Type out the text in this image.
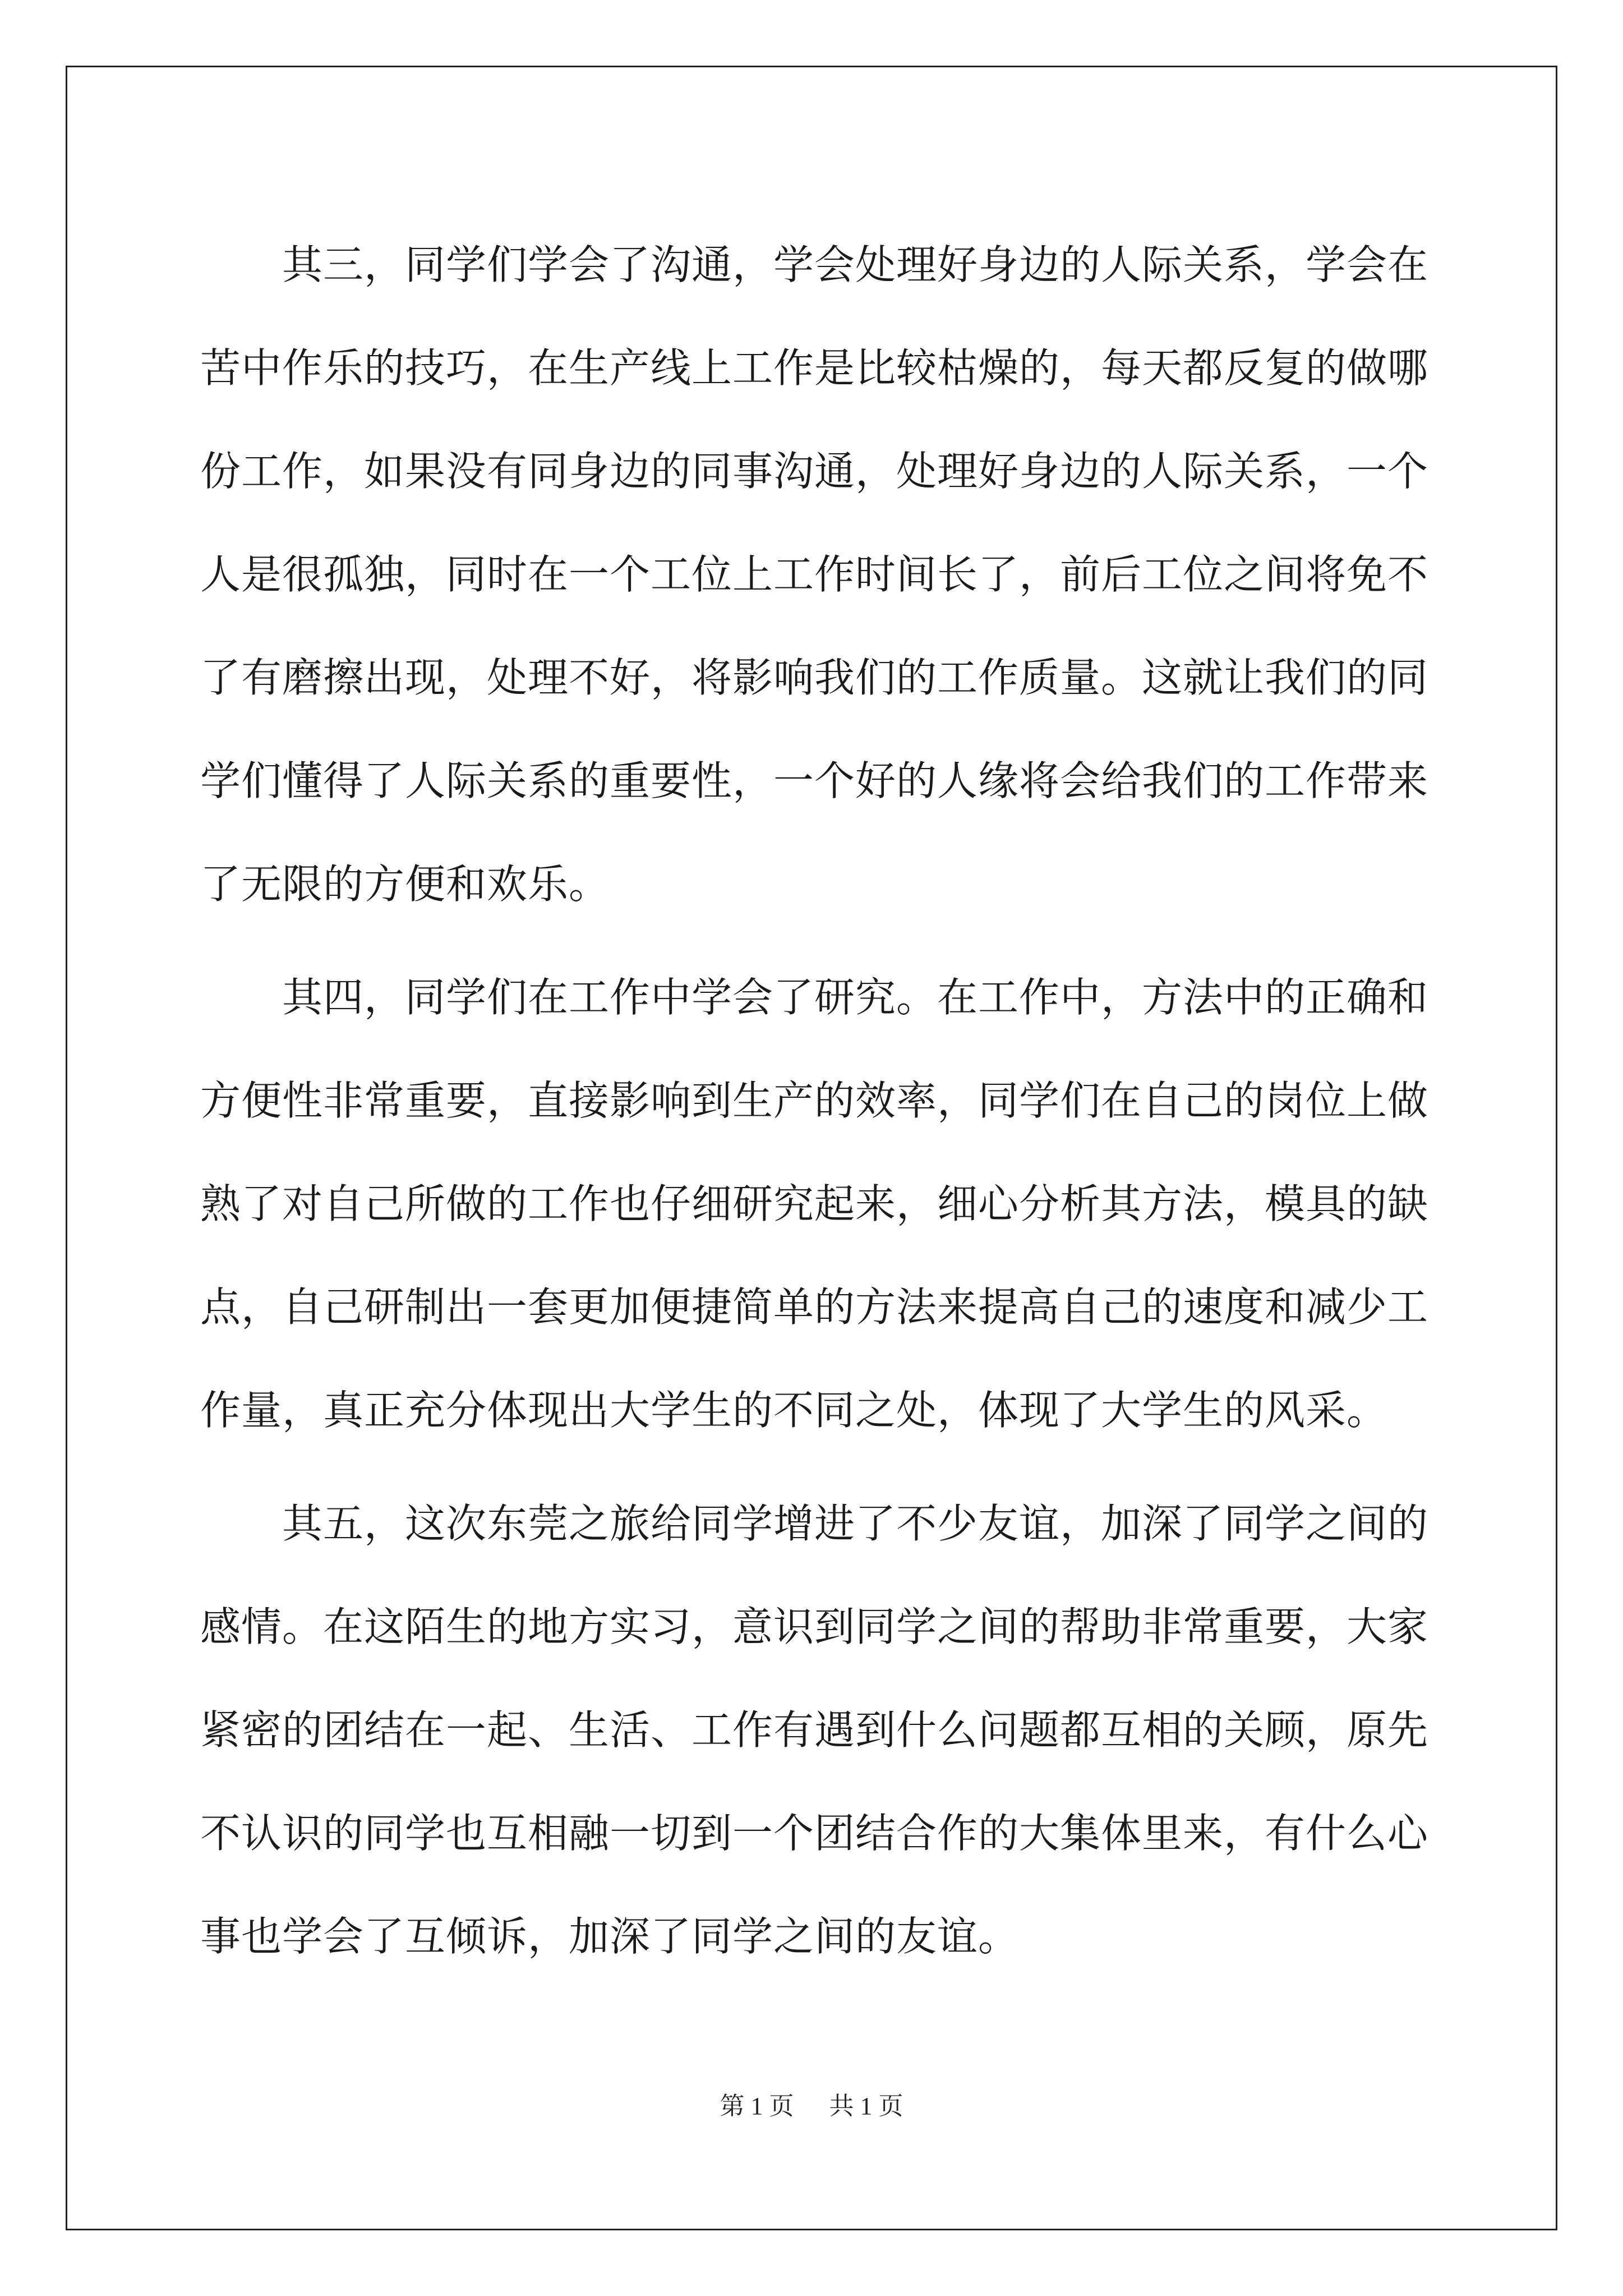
其三，同学们学会了沟通，学会处理好身边的人际关系，学会在苦中作乐的技巧，在生产线上工作是比较枯燥的，每天都反复的做哪份工作，如果没有同身边的同事沟通，处理好身边的人际关系，一个人是很孤独，同时在一个工位上工作时间长了，前后工位之间将免不了有磨擦出现，处理不好，将影响我们的工作质量。这就让我们的同学们懂得了人际关系的重要性，一个好的人缘将会给我们的工作带来了无限的方便和欢乐。

其四，同学们在工作中学会了研究。在工作中，方法中的正确和方便性非常重要，直接影响到生产的效率，同学们在自己的岗位上做熟了对自己所做的工作也仔细研究起来，细心分析其方法，模具的缺点，自己研制出一套更加便捷简单的方法来提高自己的速度和减少工作量，真正充分体现出大学生的不同之处，体现了大学生的风采。

其五，这次东莞之旅给同学增进了不少友谊，加深了同学之间的感情。在这陌生的地方实习，意识到同学之间的帮助非常重要，大家紧密的团结在一起、生活、工作有遇到什么问题都互相的关顾，原先不认识的同学也互相融一切到一个团结合作的大集体里来，有什么心事也学会了互倾诉，加深了同学之间的友谊。

第 1 页 共 1 页
